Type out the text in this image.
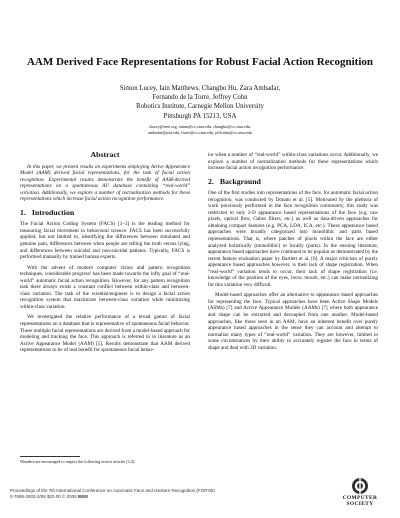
AAM Derived Face Representations for Robust Facial Action Recognition
Simon Lucey, Iain Matthews, Changbo Hu, Zara Ambadar,
Fernando de la Torre, Jeffrey Cohn
Robotics Institute, Carnegie Mellon University
Pittsburgh PA 15213, USA
slucey@ieee.org, iainm@cs.cmu.edu, changbo@cs.cmu.edu,
ambadar@pitt.edu, ftorre@cs.cmu.edu, jeffcohn@cs.cmu.edu
Abstract

In this paper, we present results on experiments employing Active Appearance Model (AAM) derived facial representations, for the task of facial action recognition. Experimental results demonstrate the benefit of AAM-derived representations on a spontaneous AU database containing “real-world” variation. Additionally, we explore a number of normalization methods for these representations which increase facial action recognition performance.

1. Introduction

The Facial Action Coding System (FACS) [1–3] is the leading method for measuring facial movement in behavioral science. FACS has been successfully applied, but not limited to, identifying the differences between simulated and genuine pain, differences between when people are telling the truth versus lying, and differences between suicidal and non-suicidal patients. Typically, FACS is performed manually by trained human experts.

With the advent of modern computer vision and pattern recognition techniques, considerable progress¹ has been made towards the lofty goal of “real-world” automatic facial action recognition. However, for any pattern recognition task there always exists a constant conflict between within-class and between-class variation. The task of the scientist/engineer is to design a facial action recognition system that maximizes between-class variation while minimizing within-class variation.

We investigated the relative performance of a broad gamut of facial representations on a database that is representative of spontaneous facial behavior. These multiple facial representations are derived from a model-based approach for modeling and tracking the face. This approach is referred to in literature as an Active Appearance Model (AAM) [5]. Results demonstrate that AAM derived representations to be of real benefit for spontaneous facial behav-

ior when a number of “real-world” within-class variations occur. Additionally, we explore a number of normalization methods for these representations which increase facial action recognition performance.

2. Background

One of the first studies into representations of the face, for automatic facial action recognition, was conducted by Donato et al. [5]. Motivated by the plethora of work previously performed in the face recognition community, this study was restricted to only 2-D appearance based representations of the face (e.g. raw pixels, optical flow, Gabor filters, etc.) as well as data-driven approaches for obtaining compact features (e.g. PCA, LDA, ICA, etc.). These appearance based approaches were broadly categorized into monolithic and parts based representations. That is, where patches of pixels within the face are either analyzed holistically (monolithic) or locally (parts). In the ensuing literature, appearance based approaches have continued to be popular as demonstrated by the recent feature evaluation paper by Bartlett et al. [6]. A major criticism of purely appearance based approaches however, is their lack of shape registration. When “real-world” variation tends to occur, their lack of shape registration (i.e. knowledge of the position of the eyes, brow, mouth, etc.) can make normalizing for this variation very difficult.

Model-based approaches offer an alternative to appearance based approaches for representing the face. Typical approaches have been Active Shape Models (ASMs) [7] and Active Appearance Models (AAMs) [7] where both appearance and shape can be extracted and decoupled from one another. Model-based approaches, like those seen in an AAM, have an inherent benefit over purely appearance based approaches in the sense they can account and attempt to normalize many types of “real-world” variation. They are however, limited in some circumstances by their ability to accurately register the face in terms of shape and deal with 3D variation.

¹Readers are encouraged to inspect the following review articles [3,4].
Proceedings of the 7th International Conference on Automatic Face and Gesture Recognition (FGR’06)
0-7695-2503-2/06 $20.00 © 2006 IEEE	COMPUTER
SOCIETY
